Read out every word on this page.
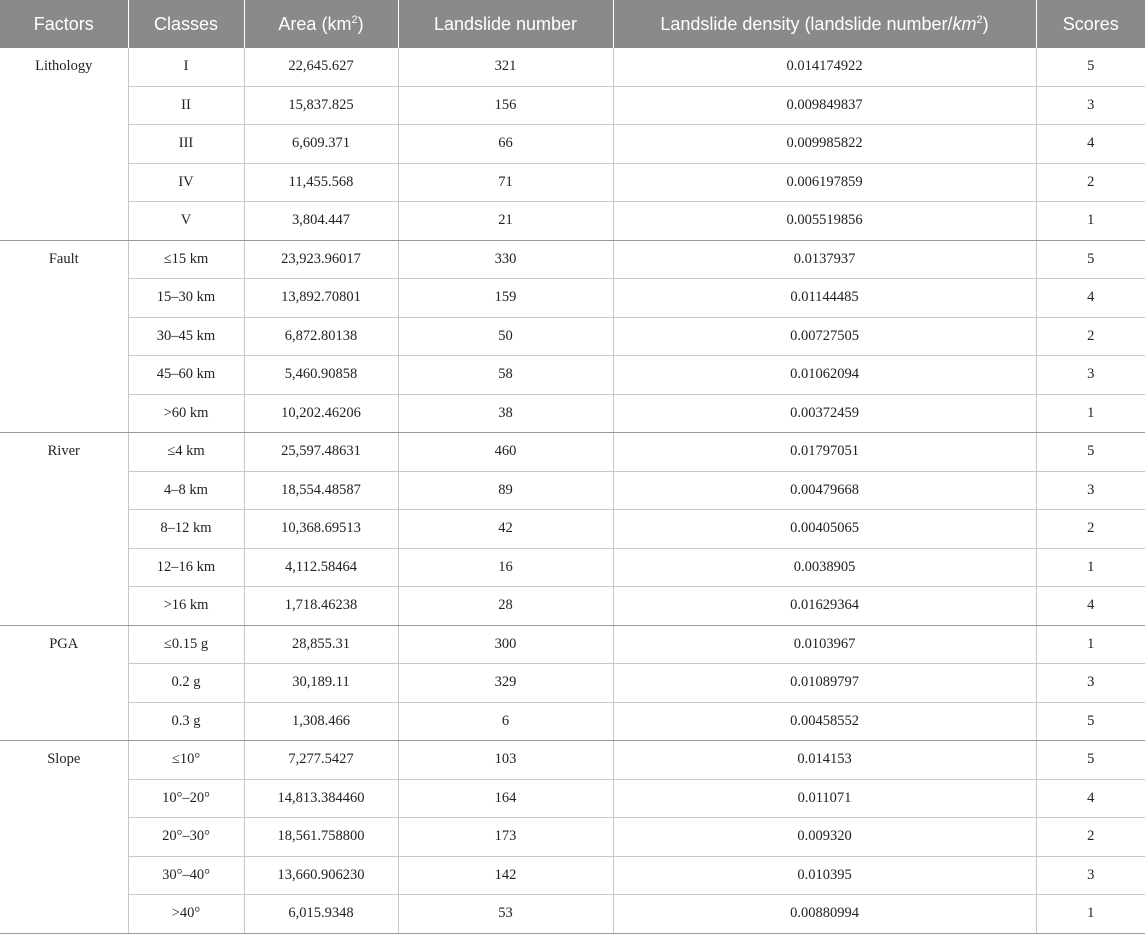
Factors	Classes	Area $(km^2)$	Landslide number	Landslide density (landslide number/$km^2$)	Scores
Lithology	I	22,645.627	321	0.014174922	5
	II	15,837.825	156	0.009849837	3
	III	6,609.371	66	0.009985822	4
	IV	11,455.568	71	0.006197859	2
	V	3,804.447	21	0.005519856	1
Fault	≤15 km	23,923.96017	330	0.0137937	5
	15–30 km	13,892.70801	159	0.01144485	4
	30–45 km	6,872.80138	50	0.00727505	2
	45–60 km	5,460.90858	58	0.01062094	3
	>60 km	10,202.46206	38	0.00372459	1
River	≤4 km	25,597.48631	460	0.01797051	5
	4–8 km	18,554.48587	89	0.00479668	3
	8–12 km	10,368.69513	42	0.00405065	2
	12–16 km	4,112.58464	16	0.0038905	1
	>16 km	1,718.46238	28	0.01629364	4
PGA	≤0.15 g	28,855.31	300	0.0103967	1
	0.2 g	30,189.11	329	0.01089797	3
	0.3 g	1,308.466	6	0.00458552	5
Slope	≤10°	7,277.5427	103	0.014153	5
	10°–20°	14,813.384460	164	0.011071	4
	20°–30°	18,561.758800	173	0.009320	2
	30°–40°	13,660.906230	142	0.010395	3
	>40°	6,015.9348	53	0.00880994	1
